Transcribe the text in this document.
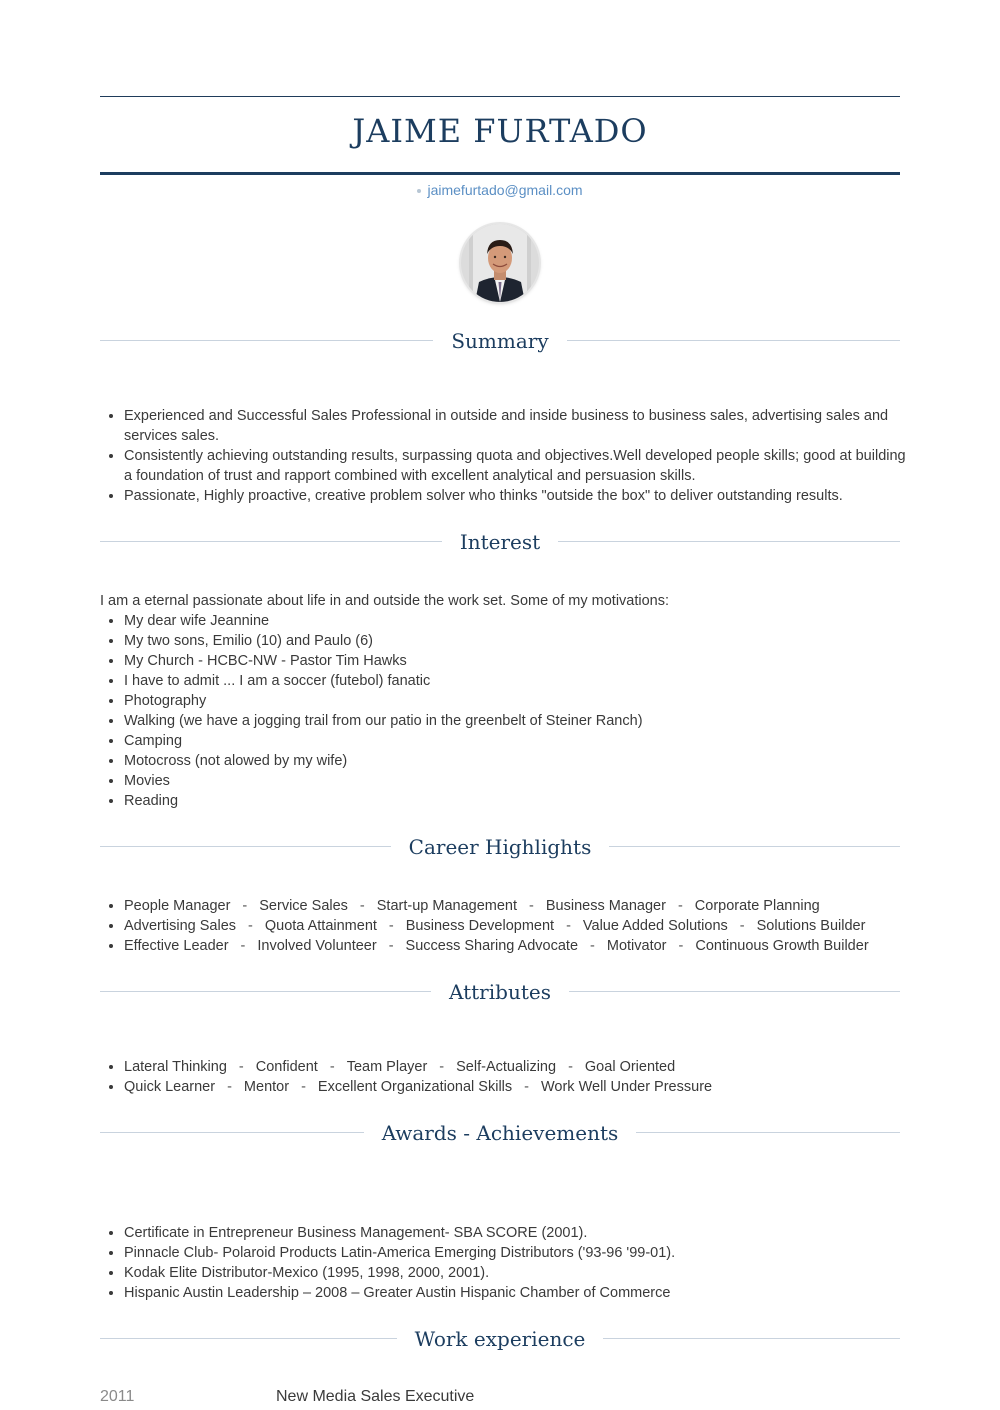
JAIME FURTADO
jaimefurtado@gmail.com
Summary
• Experienced and Successful Sales Professional in outside and inside business to business sales, advertising sales and services sales.
• Consistently achieving outstanding results, surpassing quota and objectives.Well developed people skills; good at building a foundation of trust and rapport combined with excellent analytical and persuasion skills.
• Passionate, Highly proactive, creative problem solver who thinks "outside the box" to deliver outstanding results.
Interest
I am a eternal passionate about life in and outside the work set. Some of my motivations:
• My dear wife Jeannine
• My two sons, Emilio (10) and Paulo (6)
• My Church - HCBC-NW - Pastor Tim Hawks
• I have to admit ... I am a soccer (futebol) fanatic
• Photography
• Walking (we have a jogging trail from our patio in the greenbelt of Steiner Ranch)
• Camping
• Motocross (not alowed by my wife)
• Movies
• Reading
Career Highlights
• People Manager - Service Sales - Start-up Management - Business Manager - Corporate Planning
• Advertising Sales - Quota Attainment - Business Development - Value Added Solutions - Solutions Builder
• Effective Leader - Involved Volunteer - Success Sharing Advocate - Motivator - Continuous Growth Builder
Attributes
• Lateral Thinking - Confident - Team Player - Self-Actualizing - Goal Oriented
• Quick Learner - Mentor - Excellent Organizational Skills - Work Well Under Pressure
Awards - Achievements
• Certificate in Entrepreneur Business Management- SBA SCORE (2001).
• Pinnacle Club- Polaroid Products Latin-America Emerging Distributors ('93-96 '99-01).
• Kodak Elite Distributor-Mexico (1995, 1998, 2000, 2001).
• Hispanic Austin Leadership – 2008 – Greater Austin Hispanic Chamber of Commerce
Work experience
2011	New Media Sales Executive
